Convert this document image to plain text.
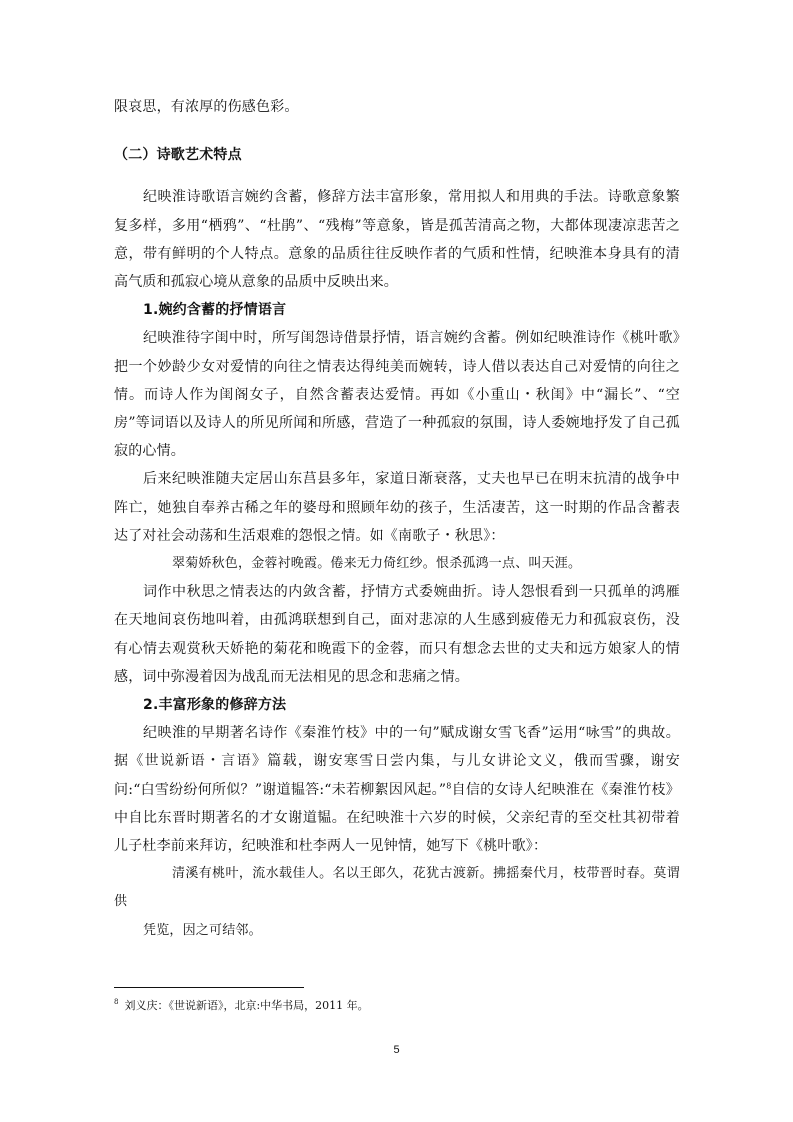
限哀思，有浓厚的伤感色彩。

（二）诗歌艺术特点

纪映淮诗歌语言婉约含蓄，修辞方法丰富形象，常用拟人和用典的手法。诗歌意象繁复多样，多用“栖鸦”、“杜鹃”、“残梅”等意象，皆是孤苦清高之物，大都体现凄凉悲苦之意，带有鲜明的个人特点。意象的品质往往反映作者的气质和性情，纪映淮本身具有的清高气质和孤寂心境从意象的品质中反映出来。

1.婉约含蓄的抒情语言

纪映淮待字闺中时，所写闺怨诗借景抒情，语言婉约含蓄。例如纪映淮诗作《桃叶歌》把一个妙龄少女对爱情的向往之情表达得纯美而婉转，诗人借以表达自己对爱情的向往之情。而诗人作为闺阁女子，自然含蓄表达爱情。再如《小重山・秋闺》中“漏长”、“空房”等词语以及诗人的所见所闻和所感，营造了一种孤寂的氛围，诗人委婉地抒发了自己孤寂的心情。

后来纪映淮随夫定居山东莒县多年，家道日渐衰落，丈夫也早已在明末抗清的战争中阵亡，她独自奉养古稀之年的婆母和照顾年幼的孩子，生活凄苦，这一时期的作品含蓄表达了对社会动荡和生活艰难的怨恨之情。如《南歌子・秋思》：

翠菊娇秋色，金蓉衬晚霞。倦来无力倚红纱。恨杀孤鸿一点、叫天涯。

词作中秋思之情表达的内敛含蓄，抒情方式委婉曲折。诗人怨恨看到一只孤单的鸿雁在天地间哀伤地叫着，由孤鸿联想到自己，面对悲凉的人生感到疲倦无力和孤寂哀伤，没有心情去观赏秋天娇艳的菊花和晚霞下的金蓉，而只有想念去世的丈夫和远方娘家人的情感，词中弥漫着因为战乱而无法相见的思念和悲痛之情。

2.丰富形象的修辞方法

纪映淮的早期著名诗作《秦淮竹枝》中的一句”赋成谢女雪飞香”运用“咏雪”的典故。据《世说新语・言语》篇载，谢安寒雪日尝内集，与儿女讲论文义，俄而雪骤，谢安问:“白雪纷纷何所似？”谢道韫答:“未若柳絮因风起。”$^8$自信的女诗人纪映淮在《秦淮竹枝》中自比东晋时期著名的才女谢道韫。在纪映淮十六岁的时候，父亲纪青的至交杜其初带着儿子杜李前来拜访，纪映淮和杜李两人一见钟情，她写下《桃叶歌》：

清溪有桃叶，流水载佳人。名以王郎久，花犹古渡新。拂摇秦代月，枝带晋时春。莫谓供

凭览，因之可结邻。

$^8$ 刘义庆：《世说新语》，北京:中华书局，2011 年。
5
